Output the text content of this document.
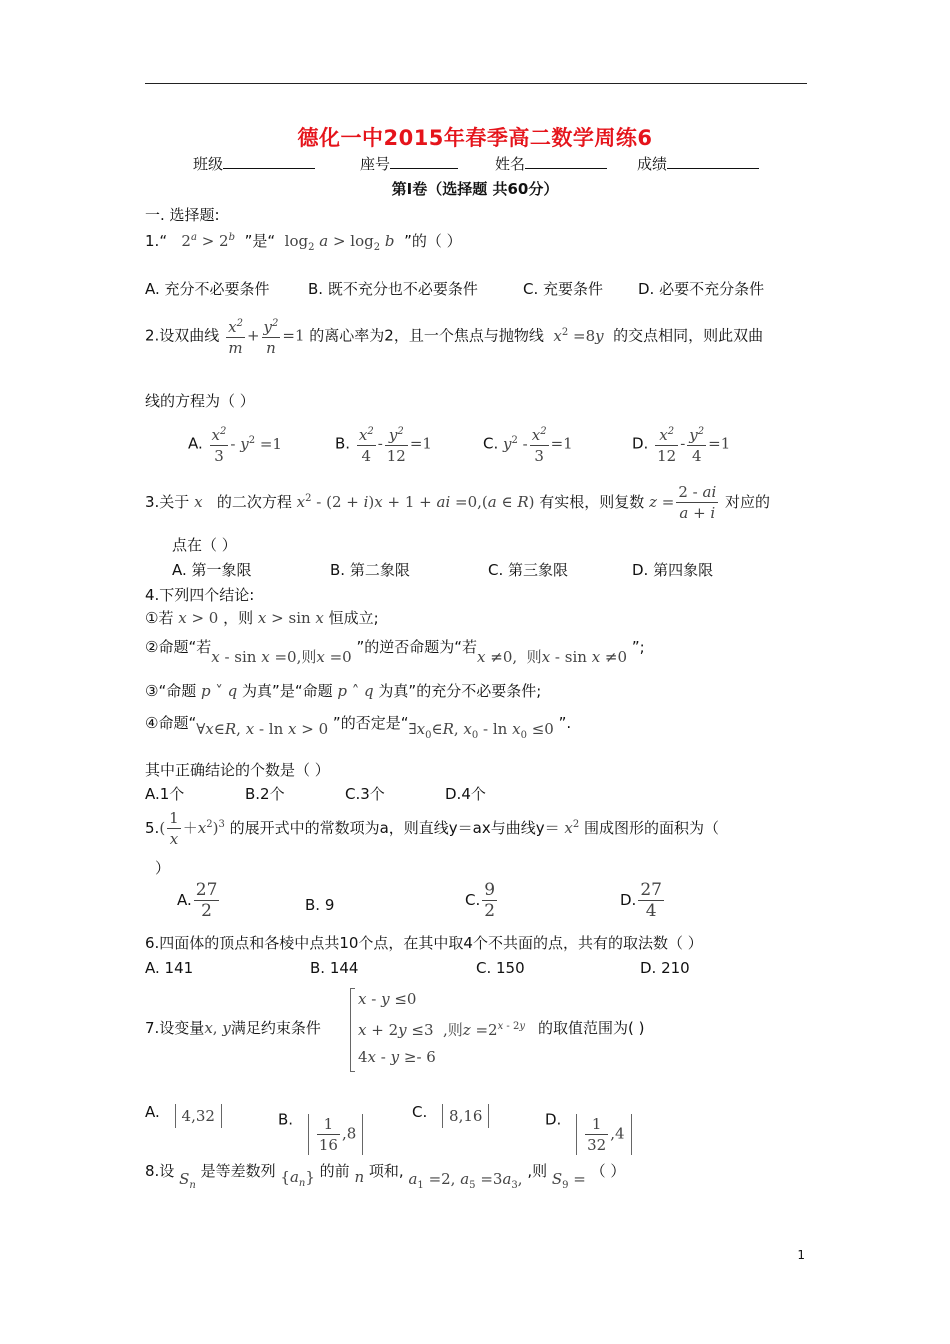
德化一中2015年春季高二数学周练6
班级	座号	姓名	成绩
第Ⅰ卷（选择题 共60分）
一. 选择题:
1.“   $2^a > 2^b$ ”是“  $\log_2 a > \log_2 b$ ”的（ ）
A. 充分不必要条件	B. 既不充分也不必要条件	C. 充要条件 D. 必要不充分条件
2.设双曲线 $\frac{x^2}{m} + \frac{y^2}{n} =1$ 的离心率为2，且一个焦点与抛物线 $x^2 =8y$ 的交点相同，则此双曲
线的方程为（ ）
A. $\frac{x^2}{3} - y^2 =1$	B. $\frac{x^2}{4} - \frac{y^2}{12} =1$	C. $y^2 - \frac{x^2}{3} =1$	D. $\frac{x^2}{12} - \frac{y^2}{4} =1$
3.关于 x   的二次方程 $x^2 - (2 + i)x + 1$ + ai =0,(a ∈ R) 有实根，则复数 $z = \frac{2 - ai}{a + i}$ 对应的
点在（ ）
A. 第一象限	B. 第二象限	C. 第三象限	D. 第四象限
4.下列四个结论:
①若 x > 0 ，则 x > sin x 恒成立;
②命题“若x - sin x =0,则x =0 ”的逆否命题为“若x ≠0,  则x - sin x ≠0 ”;
③“命题 p ˅ q 为真”是“命题 p ˄ q 为真”的充分不必要条件;
④命题“∀x∈R, x - ln x > 0 ”的否定是“$\exists x_0\in R$, $x_0 - \ln x_0 \le 0$ ”.
其中正确结论的个数是（ ）
A.1个	B.2个	C.3个	D.4个
$5.( \frac{1}{x} +x^2)^3$ 的展开式中的常数项为a，则直线y＝ax与曲线$y= x^2$ 围成图形的面积为（
）
A. $\frac{27}{2}$	B. 9	C. $\frac{9}{2}$	D. $\frac{27}{4}$
6.四面体的顶点和各棱中点共10个点，在其中取4个不共面的点，共有的取法数（ ）
A. 141	B. 144	C. 150	D. 210
7.设变量x, y满足约束条件
x - y ≤0
x + 2y ≤3  ,则$z =2^{x - 2y}$
4x - y ≥- 6
的取值范围为( )
A. 4,32	B. $\frac{1}{16} ,8$
C. 8,16	D. $\frac{1}{32} ,4$
8.设 $S_n$ 是等差数列 $\{a_n\}$ 的前 n 项和, $a_1 =2$, $a_5 =3a_3$, ,则 $S_9$ = （ ）
1
